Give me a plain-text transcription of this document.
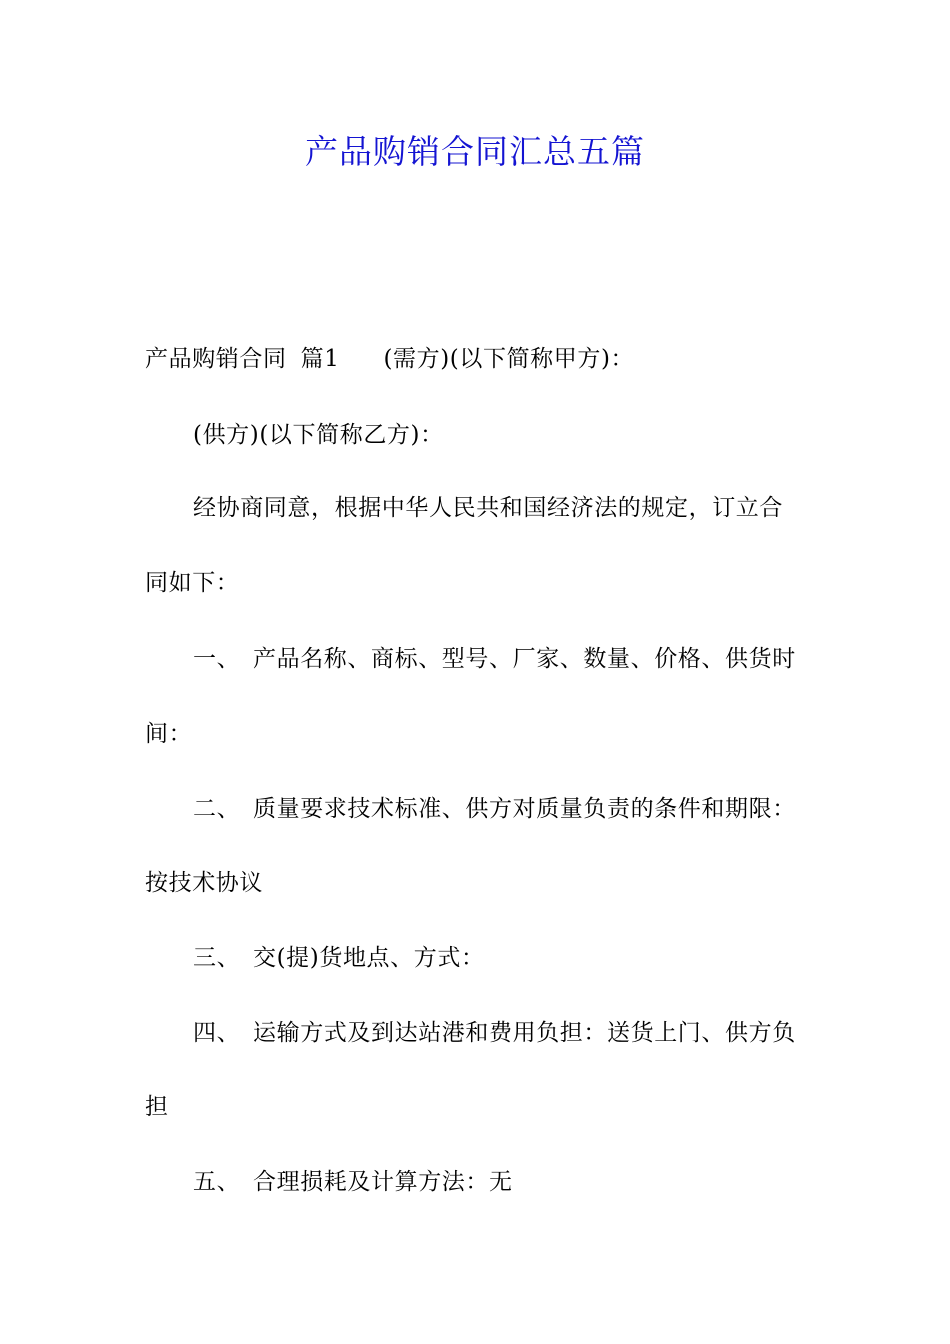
产品购销合同汇总五篇
产品购销合同 篇1 (需方)(以下简称甲方)：
(供方)(以下简称乙方)：
经协商同意，根据中华人民共和国经济法的规定，订立合
同如下：
一、 产品名称、商标、型号、厂家、数量、价格、供货时
间：
二、 质量要求技术标准、供方对质量负责的条件和期限：
按技术协议
三、 交(提)货地点、方式：
四、 运输方式及到达站港和费用负担：送货上门、供方负
担
五、 合理损耗及计算方法：无
